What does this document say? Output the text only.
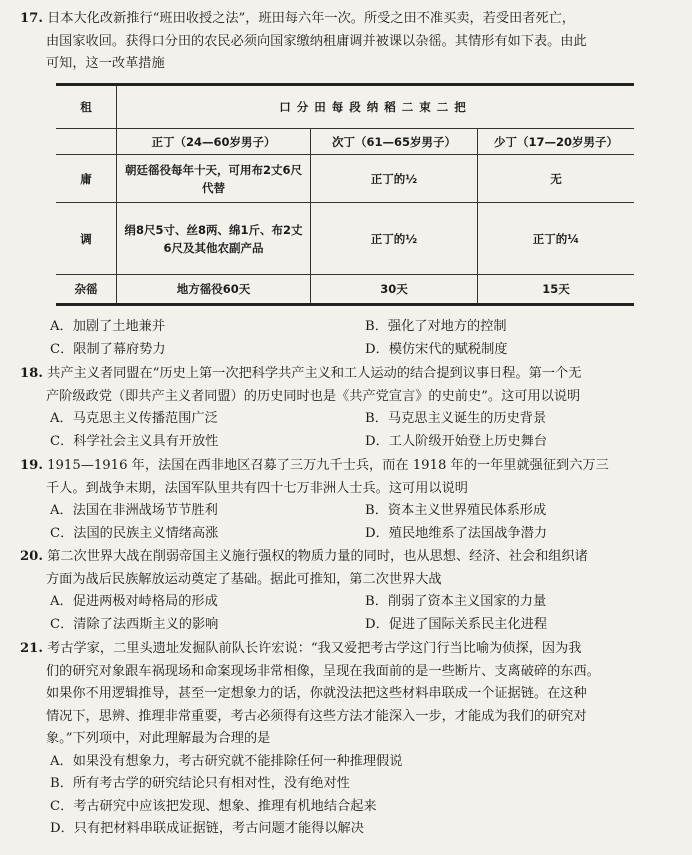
17. 日本大化改新推行“班田收授之法”，班田每六年一次。所受之田不准买卖，若受田者死亡，

由国家收回。获得口分田的农民必须向国家缴纳租庸调并被课以杂徭。其情形有如下表。由此

可知，这一改革措施

租	口分田每段纳稻二束二把		
	正丁（24—60岁男子）	次丁（61—65岁男子）	少丁（17—20岁男子）
庸	朝廷徭役每年十天，可用布2丈6尺代替	正丁的½	无
调	绢8尺5寸、丝8两、绵1斤、布2丈6尺及其他农副产品	正丁的½	正丁的¼
杂徭	地方徭役60天	30天	15天
A．加剧了土地兼并	B．强化了对地方的控制
C．限制了幕府势力	D．模仿宋代的赋税制度

18. 共产主义者同盟在“历史上第一次把科学共产主义和工人运动的结合提到议事日程。第一个无

产阶级政党（即共产主义者同盟）的历史同时也是《共产党宣言》的史前史”。这可用以说明

A．马克思主义传播范围广泛	B．马克思主义诞生的历史背景
C．科学社会主义具有开放性	D．工人阶级开始登上历史舞台

19. 1915—1916 年，法国在西非地区召募了三万九千士兵，而在 1918 年的一年里就强征到六万三

千人。到战争末期，法国军队里共有四十七万非洲人士兵。这可用以说明

A．法国在非洲战场节节胜利	B．资本主义世界殖民体系形成
C．法国的民族主义情绪高涨	D．殖民地维系了法国战争潜力

20. 第二次世界大战在削弱帝国主义施行强权的物质力量的同时，也从思想、经济、社会和组织诸

方面为战后民族解放运动奠定了基础。据此可推知，第二次世界大战

A．促进两极对峙格局的形成	B．削弱了资本主义国家的力量
C．清除了法西斯主义的影响	D．促进了国际关系民主化进程

21. 考古学家，二里头遗址发掘队前队长许宏说：“我又爱把考古学这门行当比喻为侦探，因为我

们的研究对象跟车祸现场和命案现场非常相像，呈现在我面前的是一些断片、支离破碎的东西。

如果你不用逻辑推导，甚至一定想象力的话，你就没法把这些材料串联成一个证据链。在这种

情况下，思辨、推理非常重要，考古必须得有这些方法才能深入一步，才能成为我们的研究对

象。”下列项中，对此理解最为合理的是

A．如果没有想象力，考古研究就不能排除任何一种推理假说
B．所有考古学的研究结论只有相对性，没有绝对性
C．考古研究中应该把发现、想象、推理有机地结合起来
D．只有把材料串联成证据链，考古问题才能得以解决
